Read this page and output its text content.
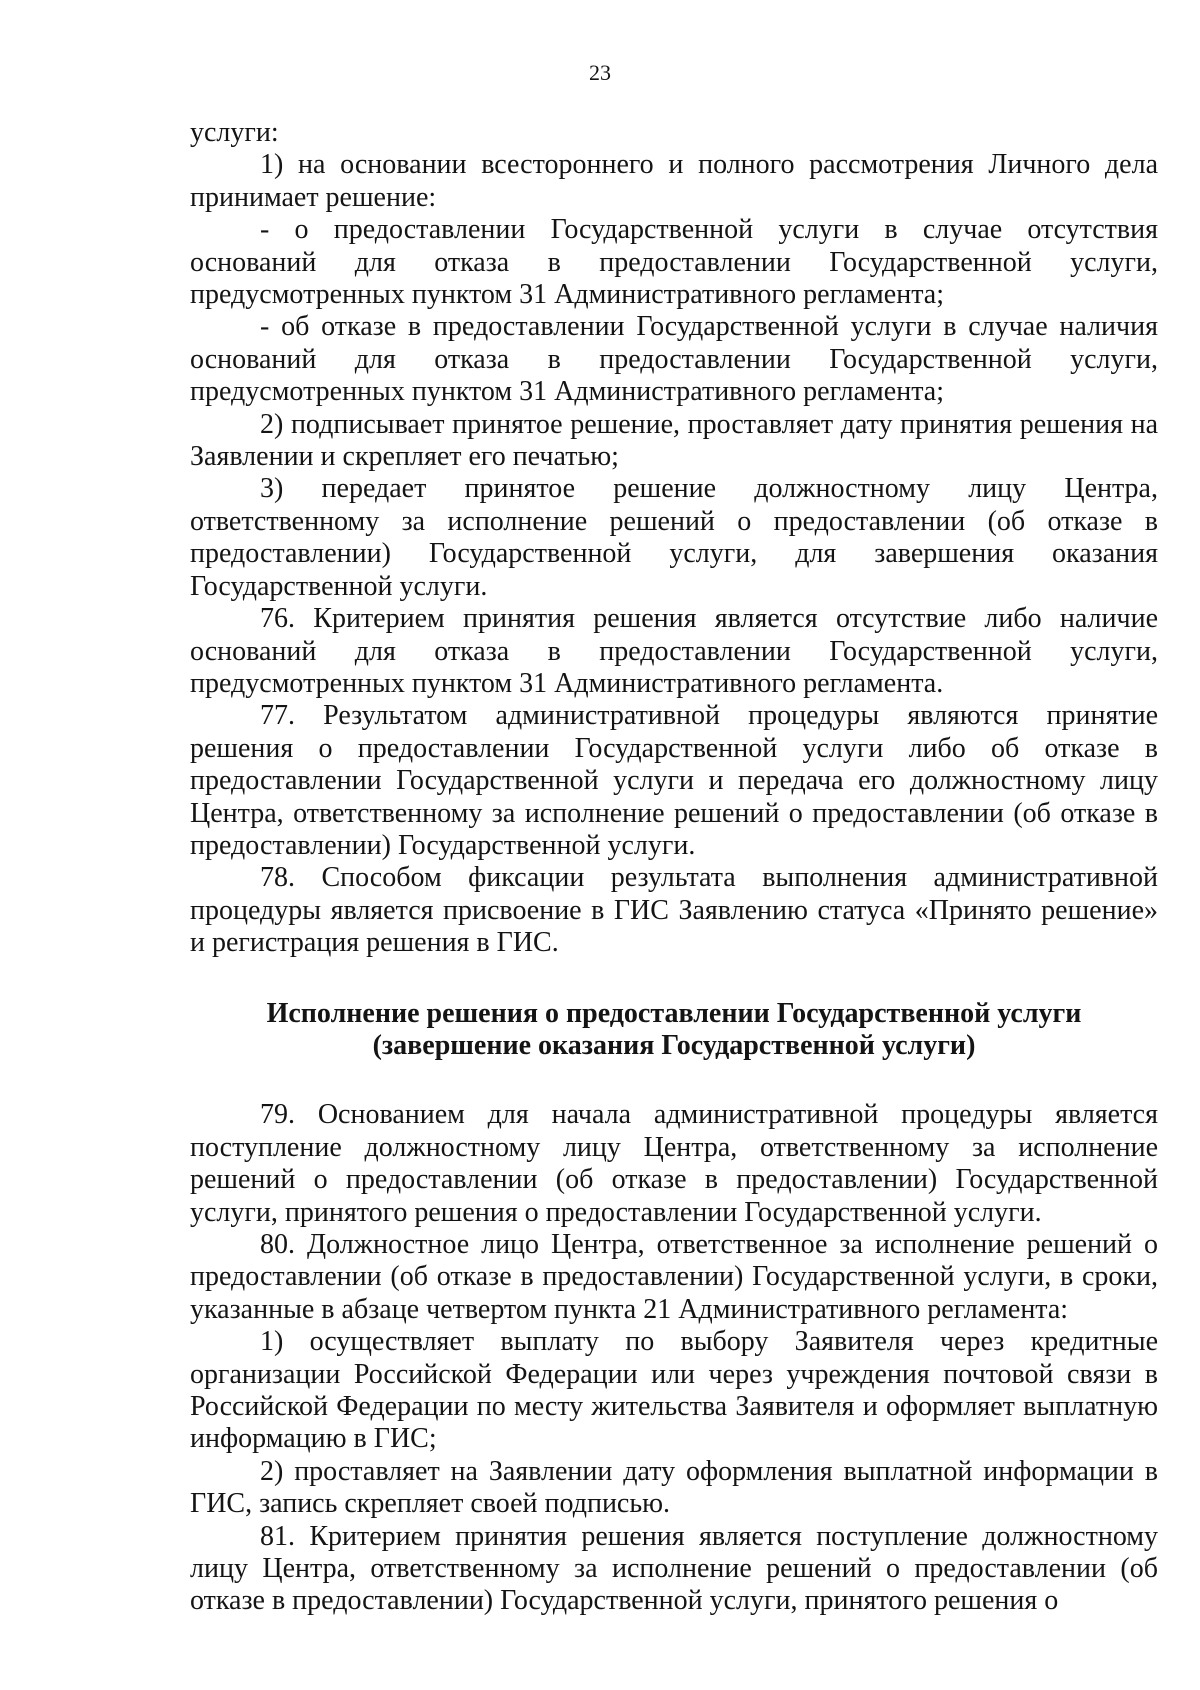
23

услуги:

1) на основании всестороннего и полного рассмотрения Личного дела принимает решение:

- о предоставлении Государственной услуги в случае отсутствия оснований для отказа в предоставлении Государственной услуги, предусмотренных пунктом 31 Административного регламента;

- об отказе в предоставлении Государственной услуги в случае наличия оснований для отказа в предоставлении Государственной услуги, предусмотренных пунктом 31 Административного регламента;

2) подписывает принятое решение, проставляет дату принятия решения на Заявлении и скрепляет его печатью;

3) передает принятое решение должностному лицу Центра, ответственному за исполнение решений о предоставлении (об отказе в предоставлении) Государственной услуги, для завершения оказания Государственной услуги.

76. Критерием принятия решения является отсутствие либо наличие оснований для отказа в предоставлении Государственной услуги, предусмотренных пунктом 31 Административного регламента.

77. Результатом административной процедуры являются принятие решения о предоставлении Государственной услуги либо об отказе в предоставлении Государственной услуги и передача его должностному лицу Центра, ответственному за исполнение решений о предоставлении (об отказе в предоставлении) Государственной услуги.

78. Способом фиксации результата выполнения административной процедуры является присвоение в ГИС Заявлению статуса «Принято решение» и регистрация решения в ГИС.

Исполнение решения о предоставлении Государственной услуги
(завершение оказания Государственной услуги)

79. Основанием для начала административной процедуры является поступление должностному лицу Центра, ответственному за исполнение решений о предоставлении (об отказе в предоставлении) Государственной услуги, принятого решения о предоставлении Государственной услуги.

80. Должностное лицо Центра, ответственное за исполнение решений о предоставлении (об отказе в предоставлении) Государственной услуги, в сроки, указанные в абзаце четвертом пункта 21 Административного регламента:

1) осуществляет выплату по выбору Заявителя через кредитные организации Российской Федерации или через учреждения почтовой связи в Российской Федерации по месту жительства Заявителя и оформляет выплатную информацию в ГИС;

2) проставляет на Заявлении дату оформления выплатной информации в ГИС, запись скрепляет своей подписью.

81. Критерием принятия решения является поступление должностному лицу Центра, ответственному за исполнение решений о предоставлении (об отказе в предоставлении) Государственной услуги, принятого решения о
